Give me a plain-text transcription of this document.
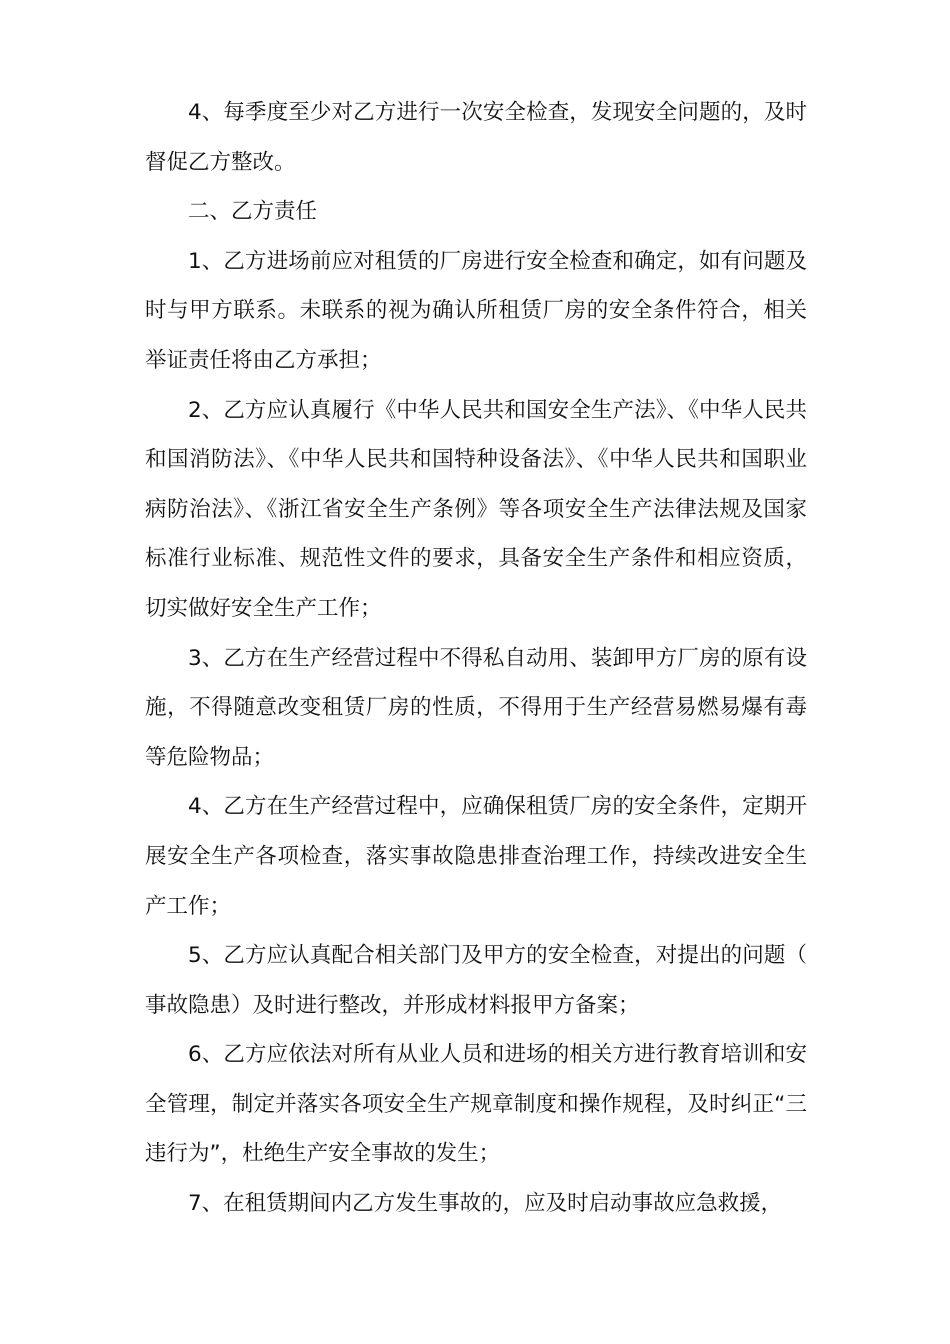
4、每季度至少对乙方进行一次安全检查，发现安全问题的，及时督促乙方整改。

二、乙方责任

1、乙方进场前应对租赁的厂房进行安全检查和确定，如有问题及时与甲方联系。未联系的视为确认所租赁厂房的安全条件符合，相关举证责任将由乙方承担；

2、乙方应认真履行《中华人民共和国安全生产法》、《中华人民共和国消防法》、《中华人民共和国特种设备法》、《中华人民共和国职业病防治法》、《浙江省安全生产条例》等各项安全生产法律法规及国家标准行业标准、规范性文件的要求，具备安全生产条件和相应资质，切实做好安全生产工作；

3、乙方在生产经营过程中不得私自动用、装卸甲方厂房的原有设施，不得随意改变租赁厂房的性质，不得用于生产经营易燃易爆有毒等危险物品；

4、乙方在生产经营过程中，应确保租赁厂房的安全条件，定期开展安全生产各项检查，落实事故隐患排查治理工作，持续改进安全生产工作；

5、乙方应认真配合相关部门及甲方的安全检查，对提出的问题（事故隐患）及时进行整改，并形成材料报甲方备案；

6、乙方应依法对所有从业人员和进场的相关方进行教育培训和安全管理，制定并落实各项安全生产规章制度和操作规程，及时纠正“三违行为”，杜绝生产安全事故的发生；

7、在租赁期间内乙方发生事故的，应及时启动事故应急救援，
